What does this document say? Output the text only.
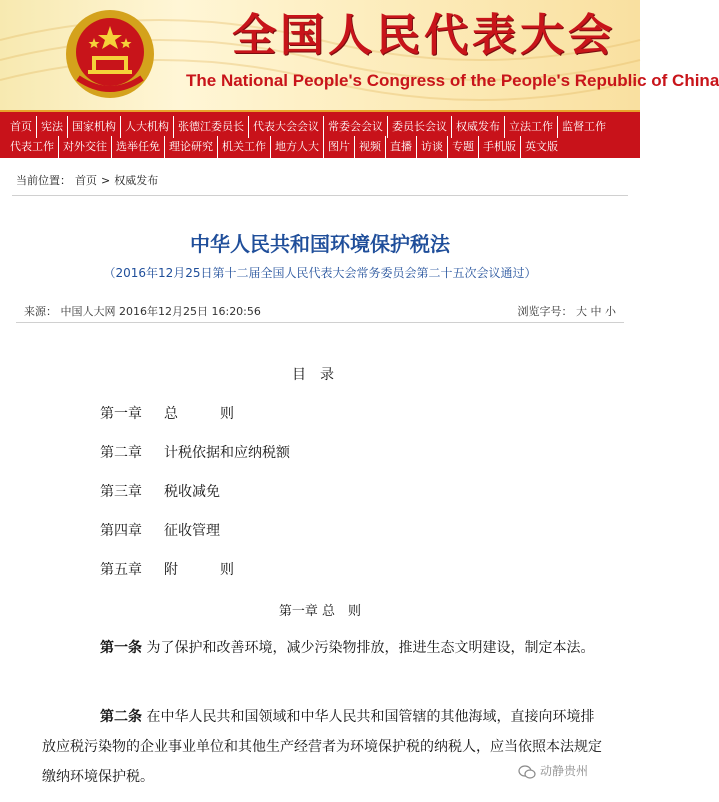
全国人民代表大会
The National People's Congress of the People's Republic of China
首页 宪法 国家机构 人大机构 张德江委员长 代表大会会议 常委会会议 委员长会议 权威发布 立法工作 监督工作
代表工作 对外交往 选举任免 理论研究 机关工作 地方人大 图片 视频 直播 访谈 专题 手机版 英文版
当前位置： 首页 > 权威发布
中华人民共和国环境保护税法
（2016年12月25日第十二届全国人民代表大会常务委员会第二十五次会议通过）
来源： 中国人大网 2016年12月25日 16:20:56	浏览字号： 大 中 小
目录
第一章	总　　　则
第二章	计税依据和应纳税额
第三章	税收减免
第四章	征收管理
第五章	附　　　则
第一章 总　则
第一条 为了保护和改善环境，减少污染物排放，推进生态文明建设，制定本法。
第二条 在中华人民共和国领域和中华人民共和国管辖的其他海域，直接向环境排放应税污染物的企业事业单位和其他生产经营者为环境保护税的纳税人，应当依照本法规定缴纳环境保护税。	动静贵州
